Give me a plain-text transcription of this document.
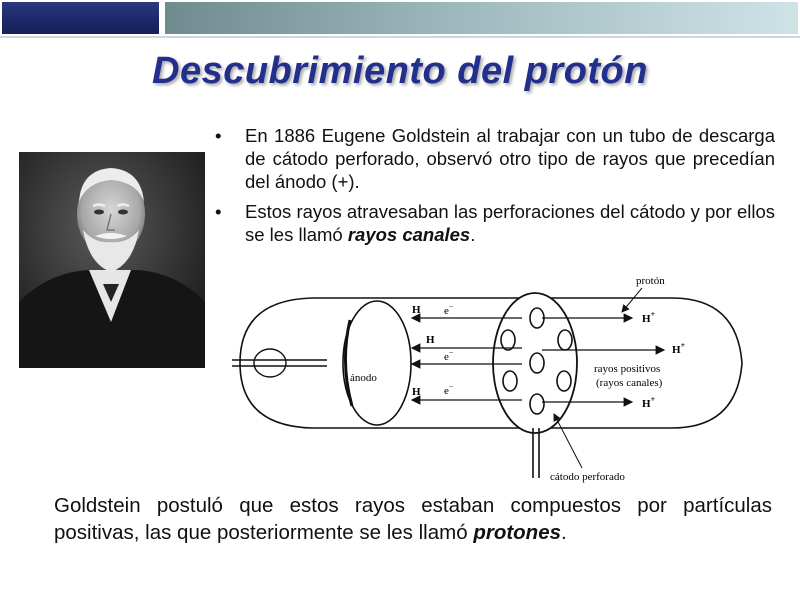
Descubrimiento del protón
•	En 1886 Eugene Goldstein al trabajar con un tubo de descarga de cátodo perforado, observó otro tipo de rayos que precedían del ánodo (+).
•	Estos rayos atravesaban las perforaciones del cátodo y por ellos se les llamó rayos canales.
ánodo
H
H
H
e−
e−
e−
H+
H+
H+
protón
rayos positivos
(rayos canales)
cátodo perforado
Goldstein postuló que estos rayos estaban compuestos por partículas positivas, las que posteriormente se les llamó protones.
